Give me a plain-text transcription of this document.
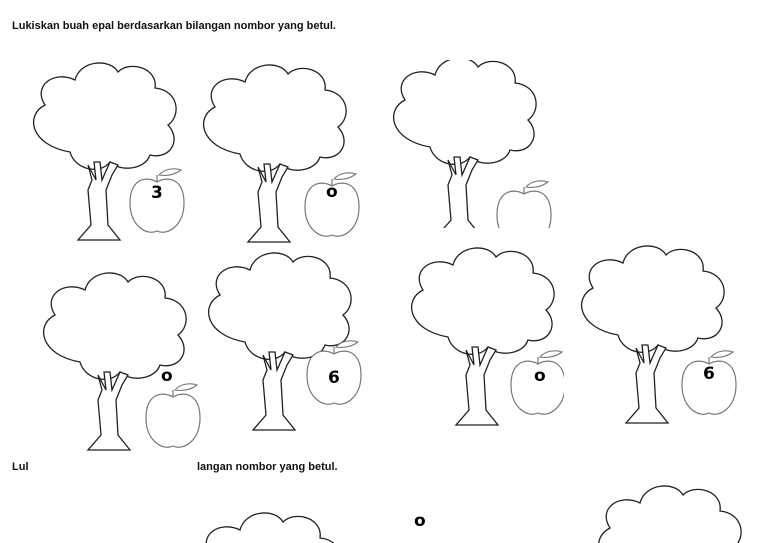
Lukiskan buah epal berdasarkan bilangan nombor yang betul.
3	o
o	6	o	6
o
Lul	langan nombor yang betul.
